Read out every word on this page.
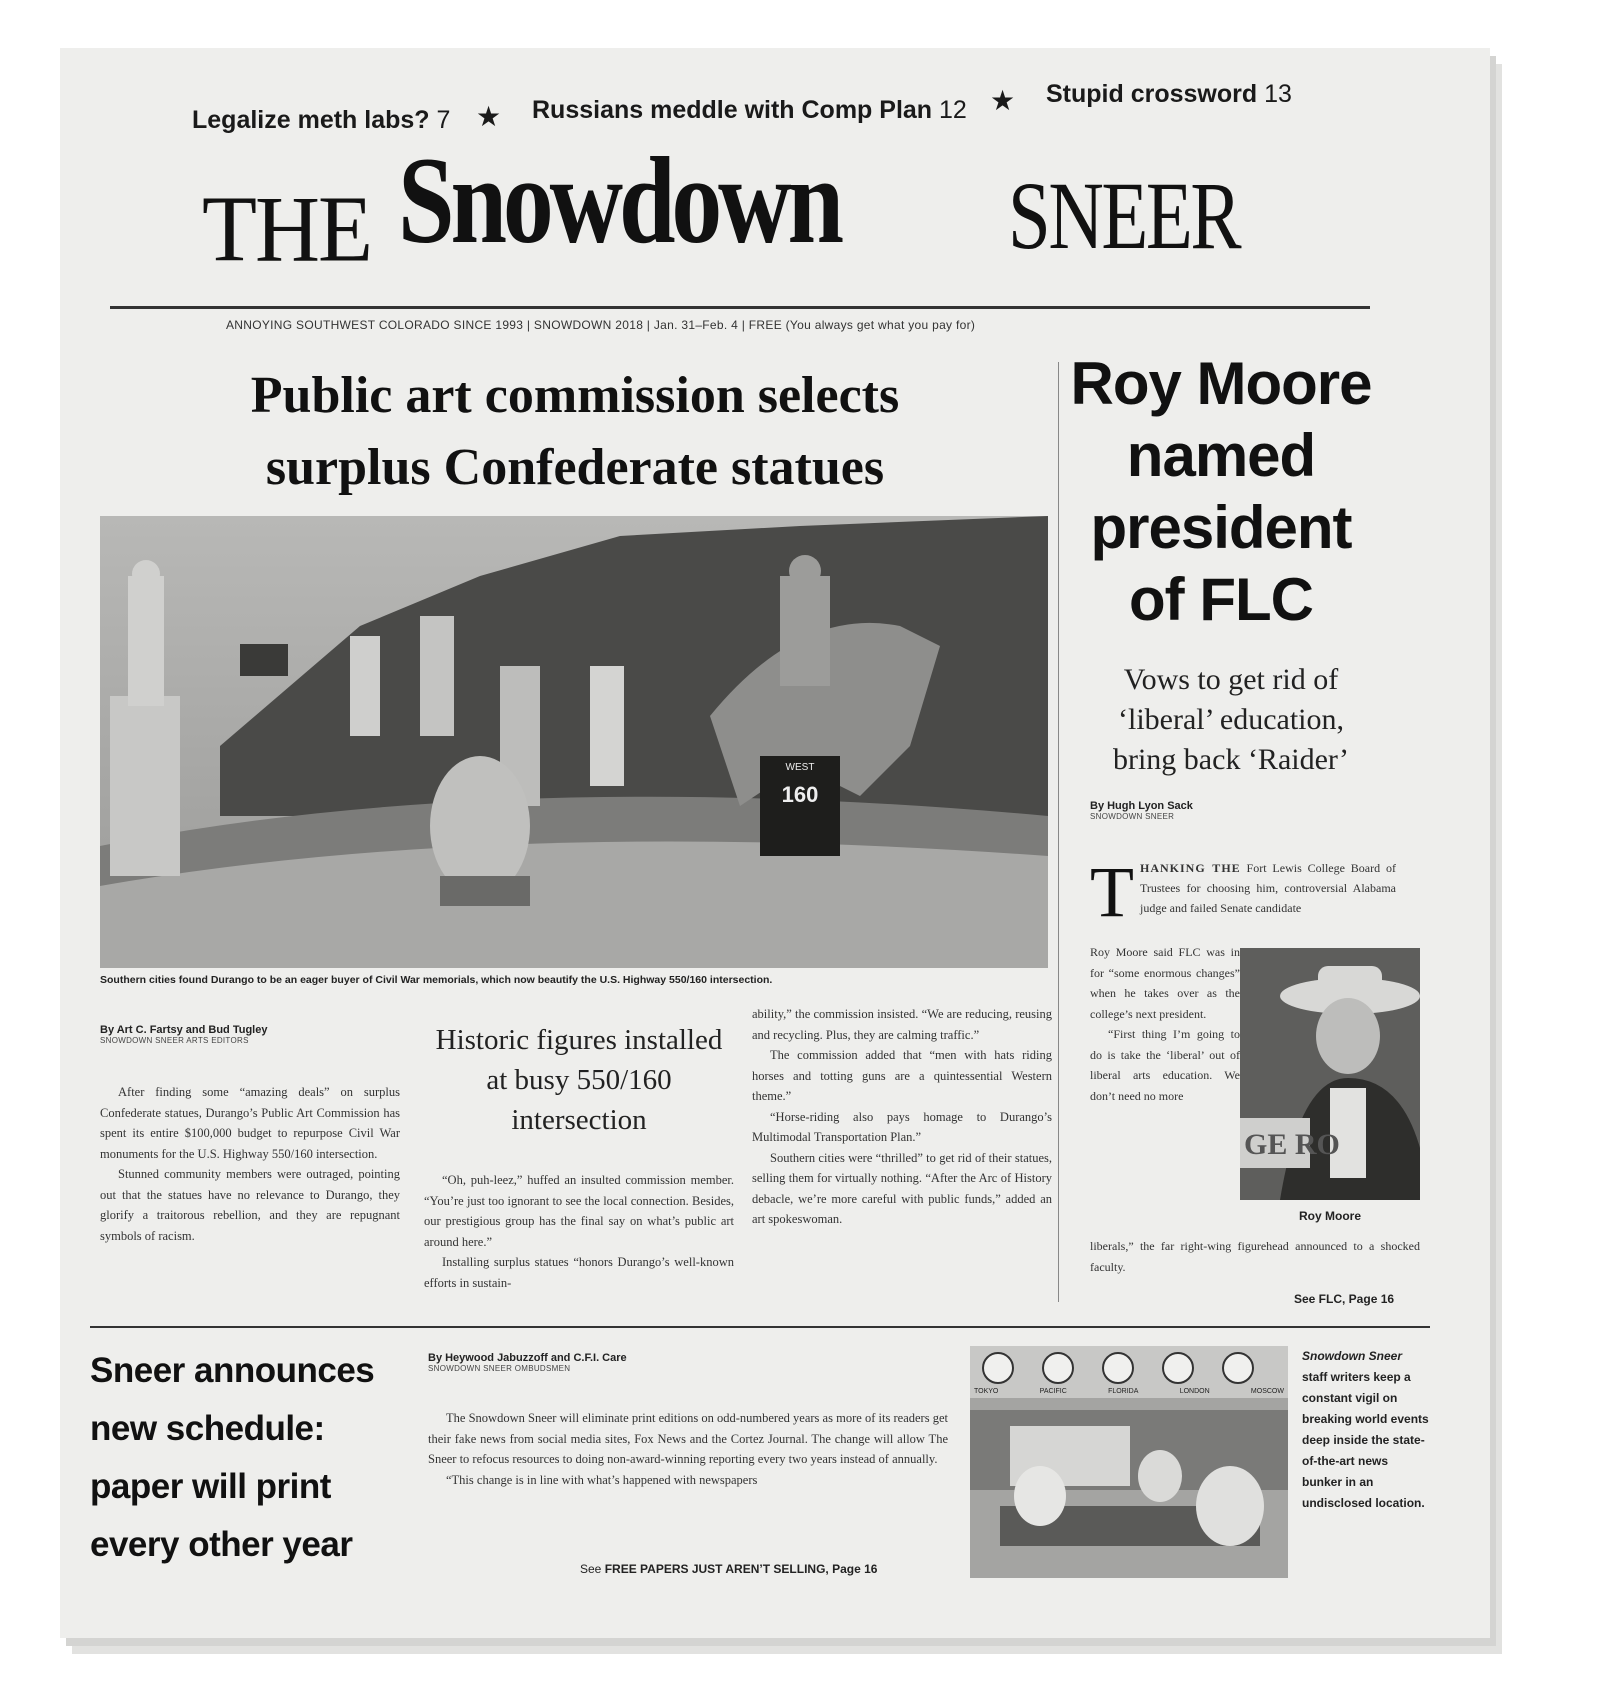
Legalize meth labs? 7 ★ Russians meddle with Comp Plan 12 ★ Stupid crossword 13
THE Snowdown SNEER
ANNOYING SOUTHWEST COLORADO SINCE 1993 | SNOWDOWN 2018 | Jan. 31–Feb. 4 | FREE (You always get what you pay for)
Public art commission selects
surplus Confederate statues
WEST
160
Southern cities found Durango to be an eager buyer of Civil War memorials, which now beautify the U.S. Highway 550/160 intersection.
By Art C. Fartsy and Bud Tugley
SNOWDOWN SNEER ARTS EDITORS

After finding some “amazing deals” on surplus Confederate statues, Durango’s Public Art Commission has spent its entire $100,000 budget to repurpose Civil War monuments for the U.S. Highway 550/160 intersection.

Stunned community members were outraged, pointing out that the statues have no relevance to Durango, they glorify a traitorous rebellion, and they are repugnant symbols of racism.

Historic figures installed at busy 550/160 intersection

“Oh, puh-leez,” huffed an insulted commission member. “You’re just too ignorant to see the local connection. Besides, our prestigious group has the final say on what’s public art around here.”

Installing surplus statues “honors Durango’s well-known efforts in sustain-

ability,” the commission insisted. “We are reducing, reusing and recycling. Plus, they are calming traffic.”

The commission added that “men with hats riding horses and totting guns are a quintessential Western theme.”

“Horse-riding also pays homage to Durango’s Multimodal Transportation Plan.”

Southern cities were “thrilled” to get rid of their statues, selling them for virtually nothing. “After the Arc of History debacle, we’re more careful with public funds,” added an art spokeswoman.

Roy Moore
named
president
of FLC
Vows to get rid of
‘liberal’ education,
bring back ‘Raider’
By Hugh Lyon Sack
SNOWDOWN SNEER
T HANKING THE Fort Lewis College Board of Trustees for choosing him, controversial Alabama judge and failed Senate candidate

Roy Moore said FLC was in for “some enormous changes” when he takes over as the college’s next president.

“First thing I’m going to do is take the ‘liberal’ out of liberal arts education. We don’t need no more

GE RO
Roy Moore

liberals,” the far right-wing figurehead announced to a shocked faculty.

See FLC, Page 16
Sneer announces
new schedule:
paper will print
every other year
By Heywood Jabuzzoff and C.F.I. Care
SNOWDOWN SNEER OMBUDSMEN

The Snowdown Sneer will eliminate print editions on odd-numbered years as more of its readers get their fake news from social media sites, Fox News and the Cortez Journal. The change will allow The Sneer to refocus resources to doing non-award-winning reporting every two years instead of annually.

“This change is in line with what’s happened with newspapers

See FREE PAPERS JUST AREN’T SELLING, Page 16
TOKYO	PACIFIC	FLORIDA	LONDON	MOSCOW
Snowdown Sneer staff writers keep a constant vigil on breaking world events deep inside the state-of-the-art news bunker in an undisclosed location.
